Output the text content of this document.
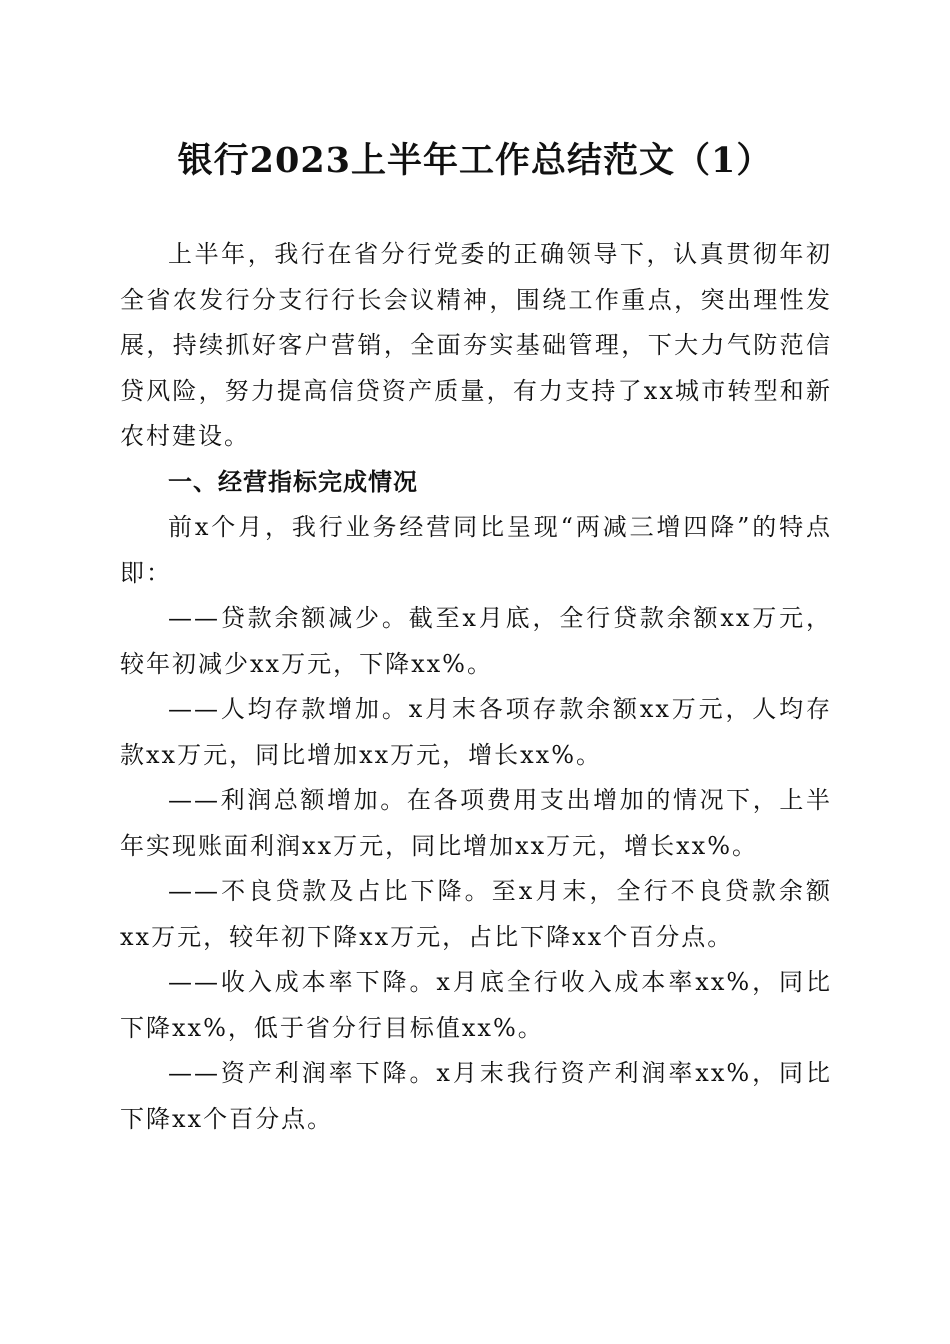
银行2023上半年工作总结范文（1）

上半年，我行在省分行党委的正确领导下，认真贯彻年初全省农发行分支行行长会议精神，围绕工作重点，突出理性发展，持续抓好客户营销，全面夯实基础管理，下大力气防范信贷风险，努力提高信贷资产质量，有力支持了xx城市转型和新农村建设。

一、经营指标完成情况

前x个月，我行业务经营同比呈现“两减三增四降”的特点即：

——贷款余额减少。截至x月底，全行贷款余额xx万元，较年初减少xx万元，下降xx%。

——人均存款增加。x月末各项存款余额xx万元，人均存款xx万元，同比增加xx万元，增长xx%。

——利润总额增加。在各项费用支出增加的情况下，上半年实现账面利润xx万元，同比增加xx万元，增长xx%。

——不良贷款及占比下降。至x月末，全行不良贷款余额xx万元，较年初下降xx万元，占比下降xx个百分点。

——收入成本率下降。x月底全行收入成本率xx%，同比下降xx%，低于省分行目标值xx%。

——资产利润率下降。x月末我行资产利润率xx%，同比下降xx个百分点。
